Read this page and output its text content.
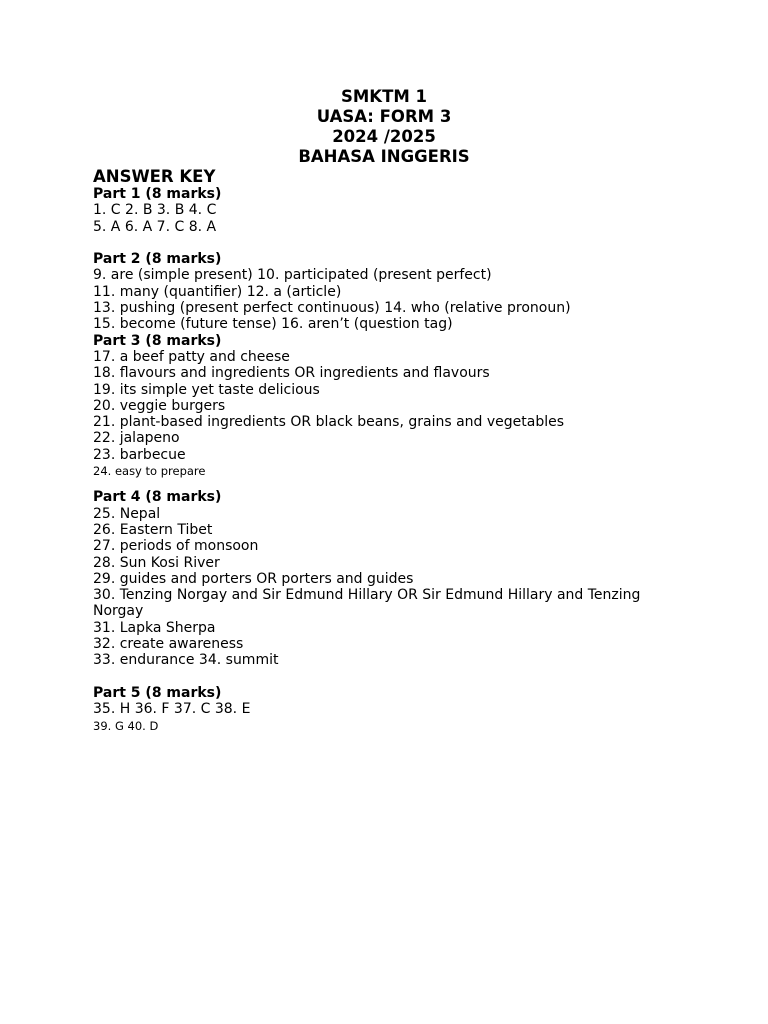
SMKTM 1
UASA: FORM 3
2024 /2025
BAHASA INGGERIS
ANSWER KEY
Part 1 (8 marks)
1. C 2. B 3. B 4. C
5. A 6. A 7. C 8. A
Part 2 (8 marks)
9. are (simple present) 10. participated (present perfect)
11. many (quantifier) 12. a (article)
13. pushing (present perfect continuous) 14. who (relative pronoun)
15. become (future tense) 16. aren’t (question tag)
Part 3 (8 marks)
17. a beef patty and cheese
18. flavours and ingredients OR ingredients and flavours
19. its simple yet taste delicious
20. veggie burgers
21. plant-based ingredients OR black beans, grains and vegetables
22. jalapeno
23. barbecue
24. easy to prepare
Part 4 (8 marks)
25. Nepal
26. Eastern Tibet
27. periods of monsoon
28. Sun Kosi River
29. guides and porters OR porters and guides
30. Tenzing Norgay and Sir Edmund Hillary OR Sir Edmund Hillary and Tenzing Norgay
31. Lapka Sherpa
32. create awareness
33. endurance 34. summit
Part 5 (8 marks)
35. H 36. F 37. C 38. E
39. G 40. D
